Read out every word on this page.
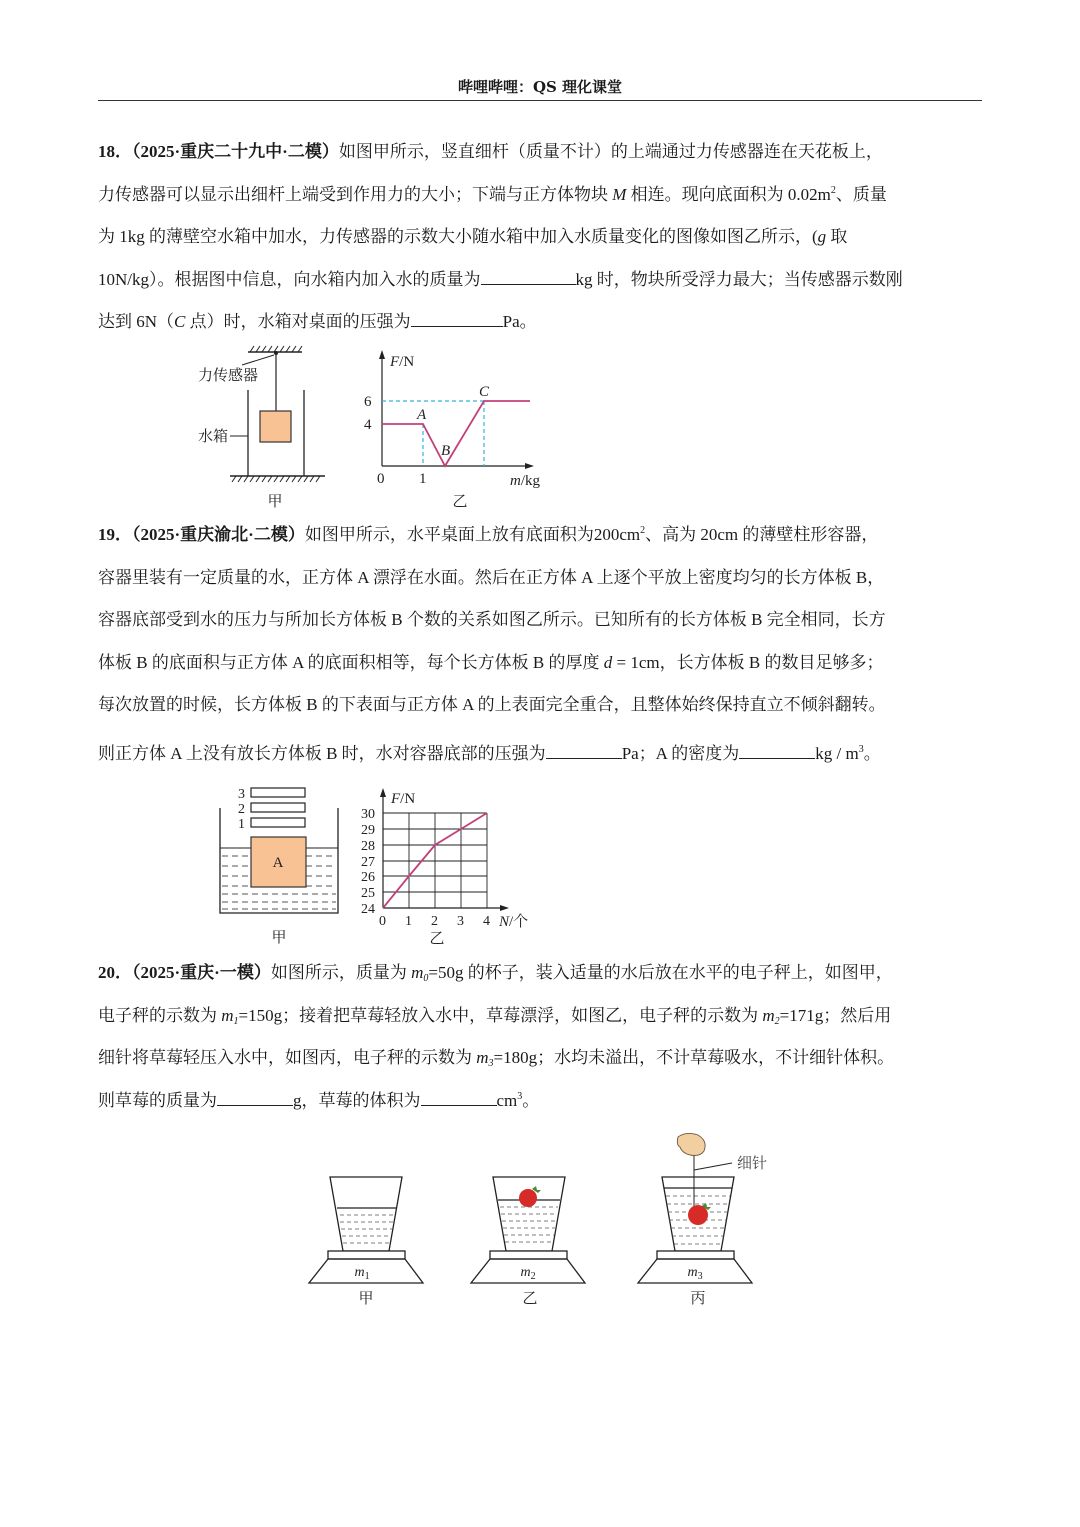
哔哩哔哩：QS 理化课堂
18．（2025·重庆二十九中·二模）如图甲所示，竖直细杆（质量不计）的上端通过力传感器连在天花板上，
力传感器可以显示出细杆上端受到作用力的大小；下端与正方体物块 M 相连。现向底面积为 $0.02m^2$、质量
为 1kg 的薄壁空水箱中加水，力传感器的示数大小随水箱中加入水质量变化的图像如图乙所示，(g 取
10N/kg）。根据图中信息，向水箱内加入水的质量为	kg 时，物块所受浮力最大；当传感器示数刚
达到 6N（C 点）时，水箱对桌面的压强为	Pa。
力传感器
水箱
甲
F/N
m/kg
6
4
0 1
A
B
C
乙
19．（2025·重庆渝北·二模）如图甲所示，水平桌面上放有底面积为$200cm^2$、高为 20cm 的薄壁柱形容器，
容器里装有一定质量的水，正方体 A 漂浮在水面。然后在正方体 A 上逐个平放上密度均匀的长方体板 B，
容器底部受到水的压力与所加长方体板 B 个数的关系如图乙所示。已知所有的长方体板 B 完全相同，长方
体板 B 的底面积与正方体 A 的底面积相等，每个长方体板 B 的厚度 d = 1cm，长方体板 B 的数目足够多；
每次放置的时候，长方体板 B 的下表面与正方体 A 的上表面完全重合，且整体始终保持直立不倾斜翻转。
则正方体 A 上没有放长方体板 B 时，水对容器底部的压强为	Pa；A 的密度为	kg / $m^3$。
3
2
1
A
甲
F/N
30
29
28
27
26
25
24
0 1 2 3 4 N/个
乙
20．（2025·重庆·一模）如图所示，质量为 $m_0=50g$ 的杯子，装入适量的水后放在水平的电子秤上，如图甲，
电子秤的示数为 $m_1=150g$；接着把草莓轻放入水中，草莓漂浮，如图乙，电子秤的示数为 $m_2=171g$；然后用
细针将草莓轻压入水中，如图丙，电子秤的示数为 $m_3=180g$；水均未溢出，不计草莓吸水，不计细针体积。
则草莓的质量为	g，草莓的体积为	$cm^3$。
$m_1$
甲
$m_2$
乙
细针
$m_3$
丙
